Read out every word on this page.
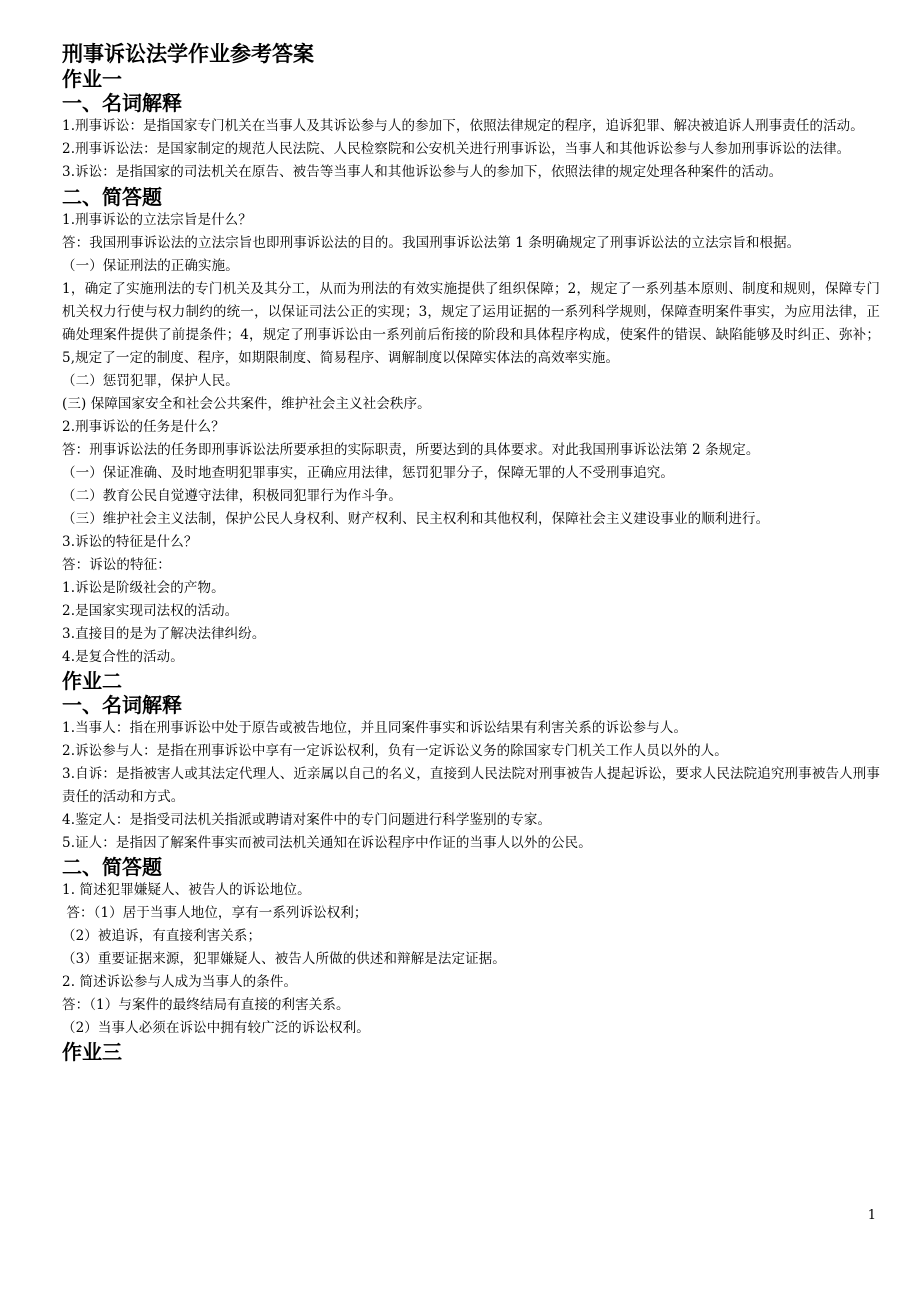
刑事诉讼法学作业参考答案
作业一
一、名词解释

1.刑事诉讼：是指国家专门机关在当事人及其诉讼参与人的参加下，依照法律规定的程序，追诉犯罪、解决被追诉人刑事责任的活动。

2.刑事诉讼法：是国家制定的规范人民法院、人民检察院和公安机关进行刑事诉讼，当事人和其他诉讼参与人参加刑事诉讼的法律。

3.诉讼：是指国家的司法机关在原告、被告等当事人和其他诉讼参与人的参加下，依照法律的规定处理各种案件的活动。

二、简答题

1.刑事诉讼的立法宗旨是什么？

答：我国刑事诉讼法的立法宗旨也即刑事诉讼法的目的。我国刑事诉讼法第 1 条明确规定了刑事诉讼法的立法宗旨和根据。

（一）保证刑法的正确实施。

1，确定了实施刑法的专门机关及其分工，从而为刑法的有效实施提供了组织保障；2，规定了一系列基本原则、制度和规则，保障专门机关权力行使与权力制约的统一，以保证司法公正的实现；3，规定了运用证据的一系列科学规则，保障查明案件事实，为应用法律，正确处理案件提供了前提条件；4，规定了刑事诉讼由一系列前后衔接的阶段和具体程序构成，使案件的错误、缺陷能够及时纠正、弥补；5,规定了一定的制度、程序，如期限制度、简易程序、调解制度以保障实体法的高效率实施。

（二）惩罚犯罪，保护人民。

(三) 保障国家安全和社会公共案件，维护社会主义社会秩序。

2.刑事诉讼的任务是什么？

答：刑事诉讼法的任务即刑事诉讼法所要承担的实际职责，所要达到的具体要求。对此我国刑事诉讼法第 2 条规定。

（一）保证准确、及时地查明犯罪事实，正确应用法律，惩罚犯罪分子，保障无罪的人不受刑事追究。

（二）教育公民自觉遵守法律，积极同犯罪行为作斗争。

（三）维护社会主义法制，保护公民人身权利、财产权利、民主权利和其他权利，保障社会主义建设事业的顺利进行。

3.诉讼的特征是什么？

答：诉讼的特征：

1.诉讼是阶级社会的产物。

2.是国家实现司法权的活动。

3.直接目的是为了解决法律纠纷。

4.是复合性的活动。

作业二
一、名词解释

1.当事人：指在刑事诉讼中处于原告或被告地位，并且同案件事实和诉讼结果有利害关系的诉讼参与人。

2.诉讼参与人：是指在刑事诉讼中享有一定诉讼权利，负有一定诉讼义务的除国家专门机关工作人员以外的人。

3.自诉：是指被害人或其法定代理人、近亲属以自己的名义，直接到人民法院对刑事被告人提起诉讼，要求人民法院追究刑事被告人刑事责任的活动和方式。

4.鉴定人：是指受司法机关指派或聘请对案件中的专门问题进行科学鉴别的专家。

5.证人：是指因了解案件事实而被司法机关通知在诉讼程序中作证的当事人以外的公民。

二、简答题

1. 简述犯罪嫌疑人、被告人的诉讼地位。

答：（1）居于当事人地位，享有一系列诉讼权利；

（2）被追诉，有直接利害关系；

（3）重要证据来源，犯罪嫌疑人、被告人所做的供述和辩解是法定证据。

2. 简述诉讼参与人成为当事人的条件。

答：（1）与案件的最终结局有直接的利害关系。

（2）当事人必须在诉讼中拥有较广泛的诉讼权利。

作业三
1
